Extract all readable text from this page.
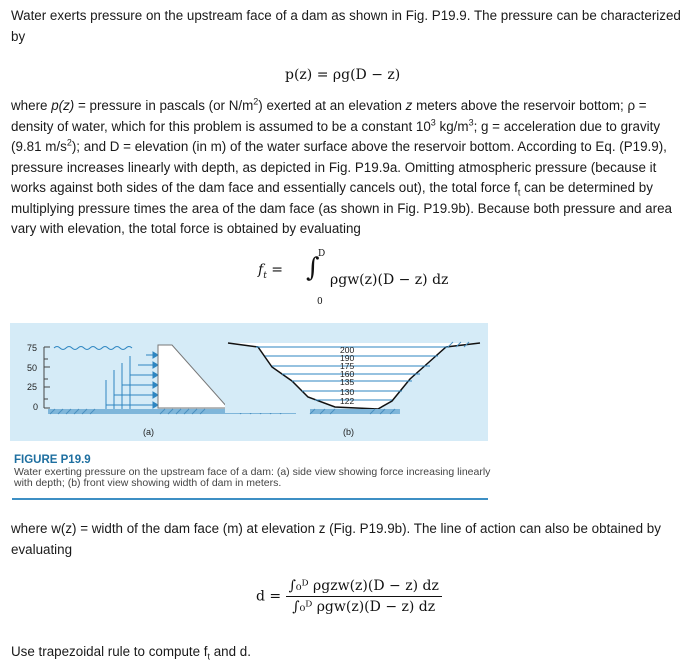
Water exerts pressure on the upstream face of a dam as shown in Fig. P19.9. The pressure can be characterized by

p(z) = ρg(D − z)

where p(z) = pressure in pascals (or $N/m^2$) exerted at an elevation z meters above the reservoir bottom; ρ = density of water, which for this problem is assumed to be a constant $10^3$ $kg/m^3$; g = acceleration due to gravity (9.81 $m/s^2$); and D = elevation (in m) of the water surface above the reservoir bottom. According to Eq. (P19.9), pressure increases linearly with depth, as depicted in Fig. P19.9a. Omitting atmospheric pressure (because it works against both sides of the dam face and essentially cancels out), the total force $f_t$ can be determined by multiplying pressure times the area of the dam face (as shown in Fig. P19.9b). Because both pressure and area vary with elevation, the total force is obtained by evaluating

$f_t$ = ∫
D
0
ρgw(z)(D − z) dz
75
50
25
0
(a)
200
190
175
160
135
130
122
(b)
FIGURE P19.9
Water exerting pressure on the upstream face of a dam: (a) side view showing force increasing linearly with depth; (b) front view showing width of dam in meters.

where w(z) = width of the dam face (m) at elevation z (Fig. P19.9b). The line of action can also be obtained by evaluating

$d = \frac{\text{∫₀ᴰ ρgzw(z)(D − z) dz}}{\text{∫₀ᴰ ρgw(z)(D − z) dz}}$

Use trapezoidal rule to compute $f_t$ and d.
